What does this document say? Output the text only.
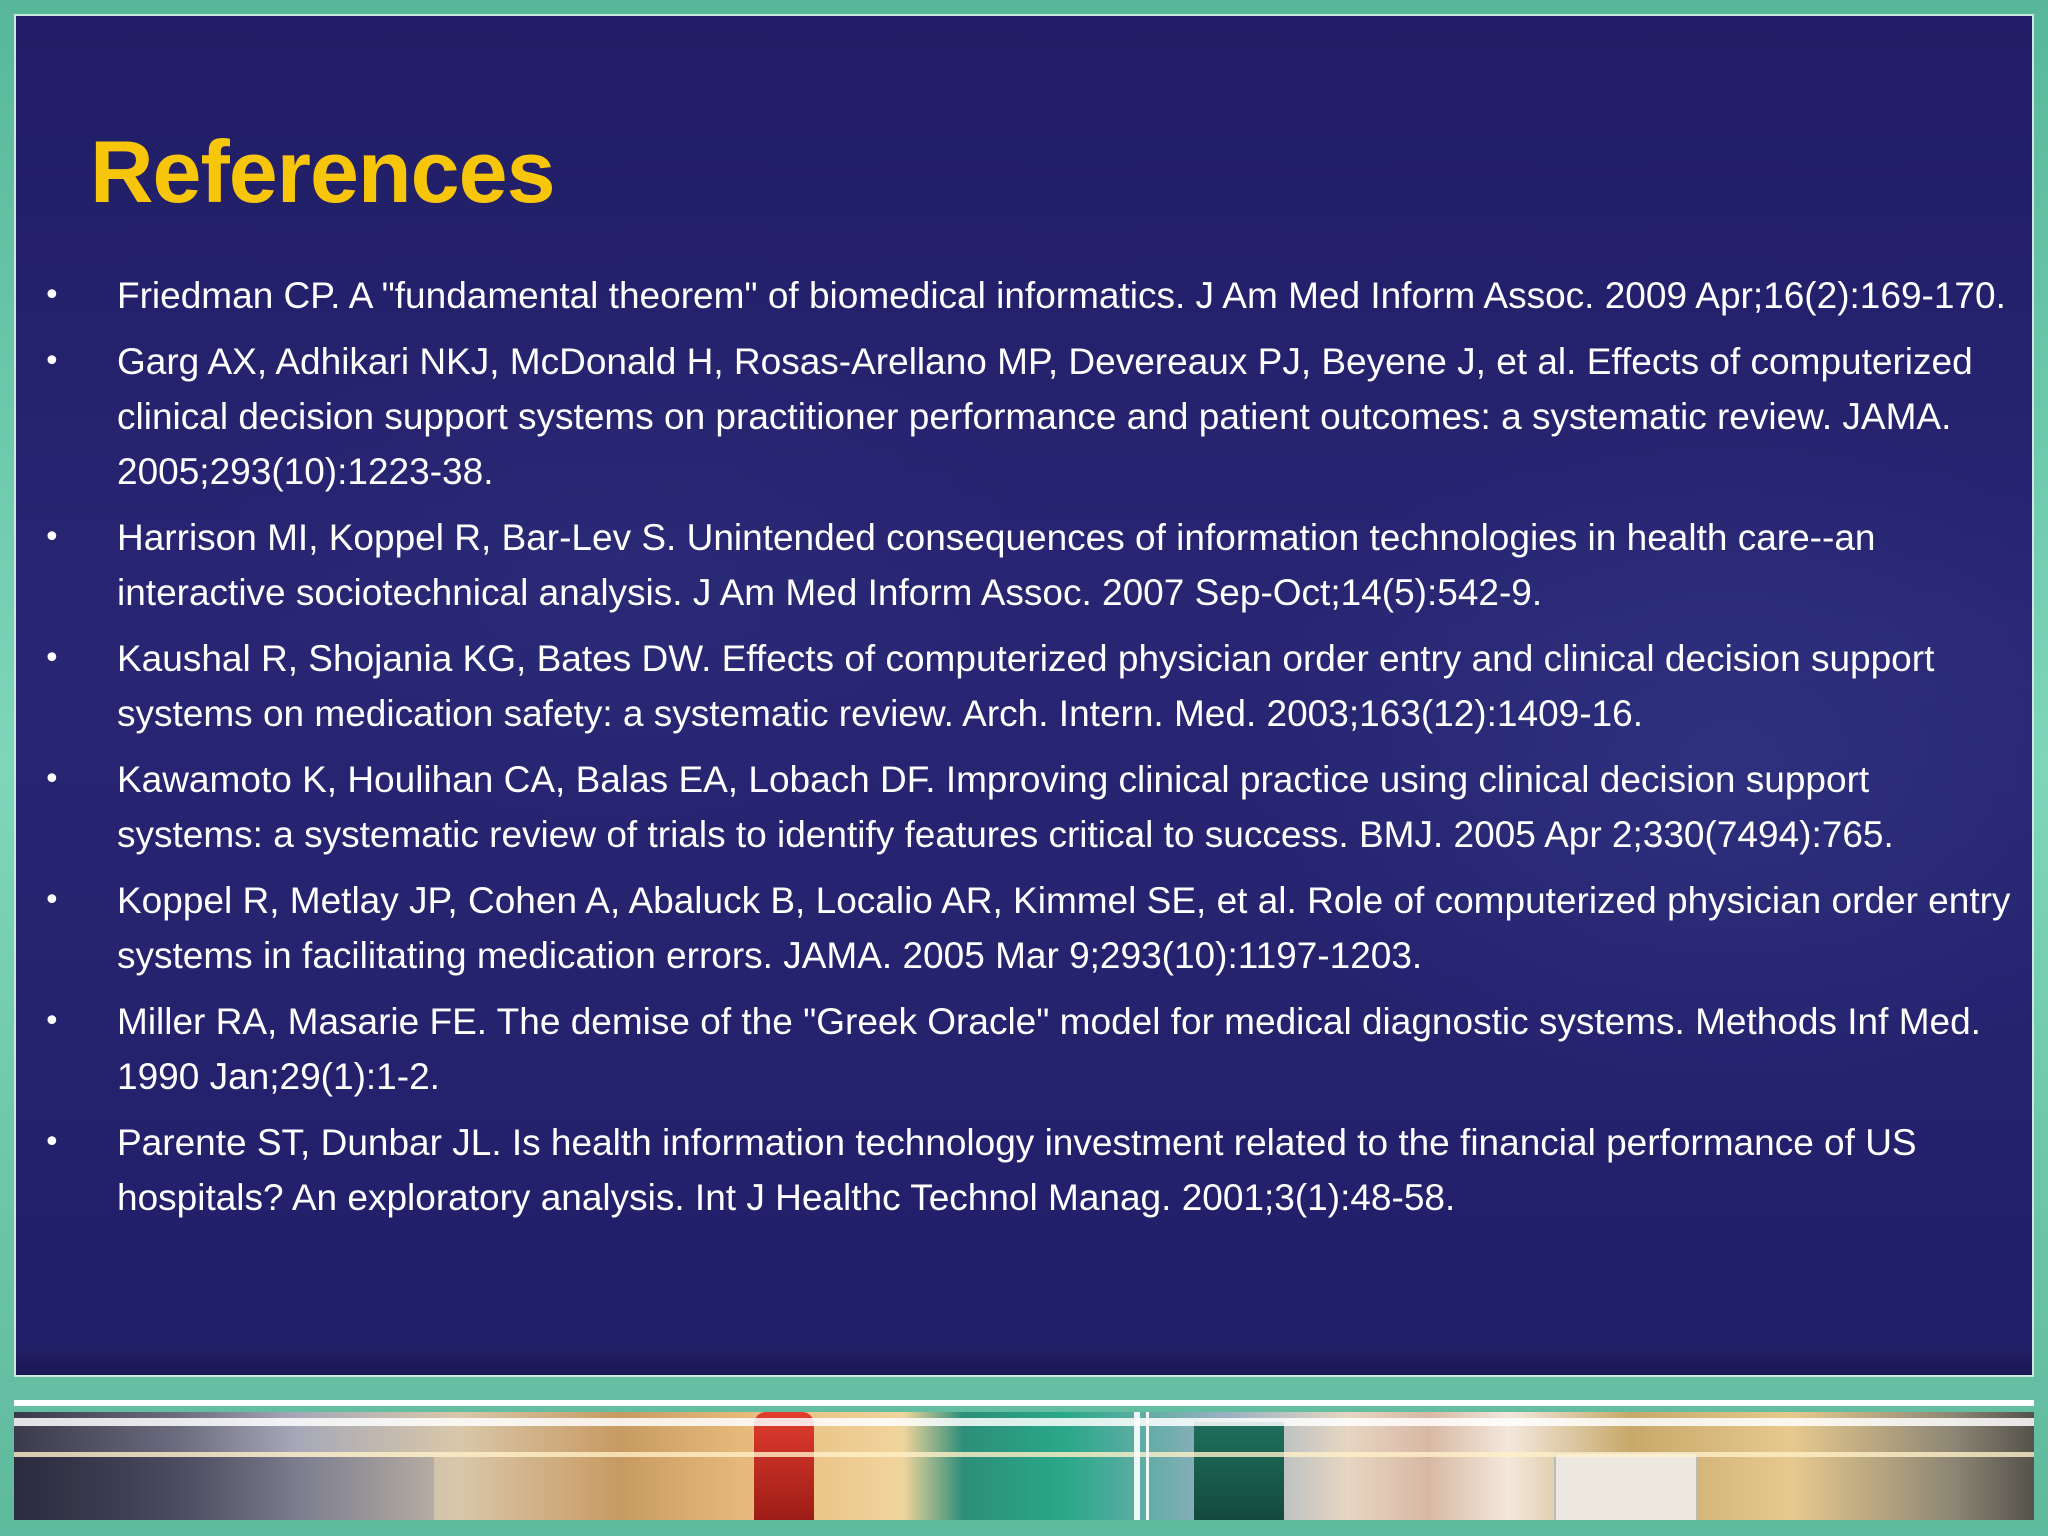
References
• Friedman CP. A "fundamental theorem" of biomedical informatics. J Am Med Inform Assoc. 2009 Apr;16(2):169-170.
• Garg AX, Adhikari NKJ, McDonald H, Rosas-Arellano MP, Devereaux PJ, Beyene J, et al. Effects of computerized clinical decision support systems on practitioner performance and patient outcomes: a systematic review. JAMA. 2005;293(10):1223-38.
• Harrison MI, Koppel R, Bar-Lev S. Unintended consequences of information technologies in health care--an interactive sociotechnical analysis. J Am Med Inform Assoc. 2007 Sep-Oct;14(5):542-9.
• Kaushal R, Shojania KG, Bates DW. Effects of computerized physician order entry and clinical decision support systems on medication safety: a systematic review. Arch. Intern. Med. 2003;163(12):1409-16.
• Kawamoto K, Houlihan CA, Balas EA, Lobach DF. Improving clinical practice using clinical decision support systems: a systematic review of trials to identify features critical to success. BMJ. 2005 Apr 2;330(7494):765.
• Koppel R, Metlay JP, Cohen A, Abaluck B, Localio AR, Kimmel SE, et al. Role of computerized physician order entry systems in facilitating medication errors. JAMA. 2005 Mar 9;293(10):1197-1203.
• Miller RA, Masarie FE. The demise of the "Greek Oracle" model for medical diagnostic systems. Methods Inf Med. 1990 Jan;29(1):1-2.
• Parente ST, Dunbar JL. Is health information technology investment related to the financial performance of US hospitals? An exploratory analysis. Int J Healthc Technol Manag. 2001;3(1):48-58.
